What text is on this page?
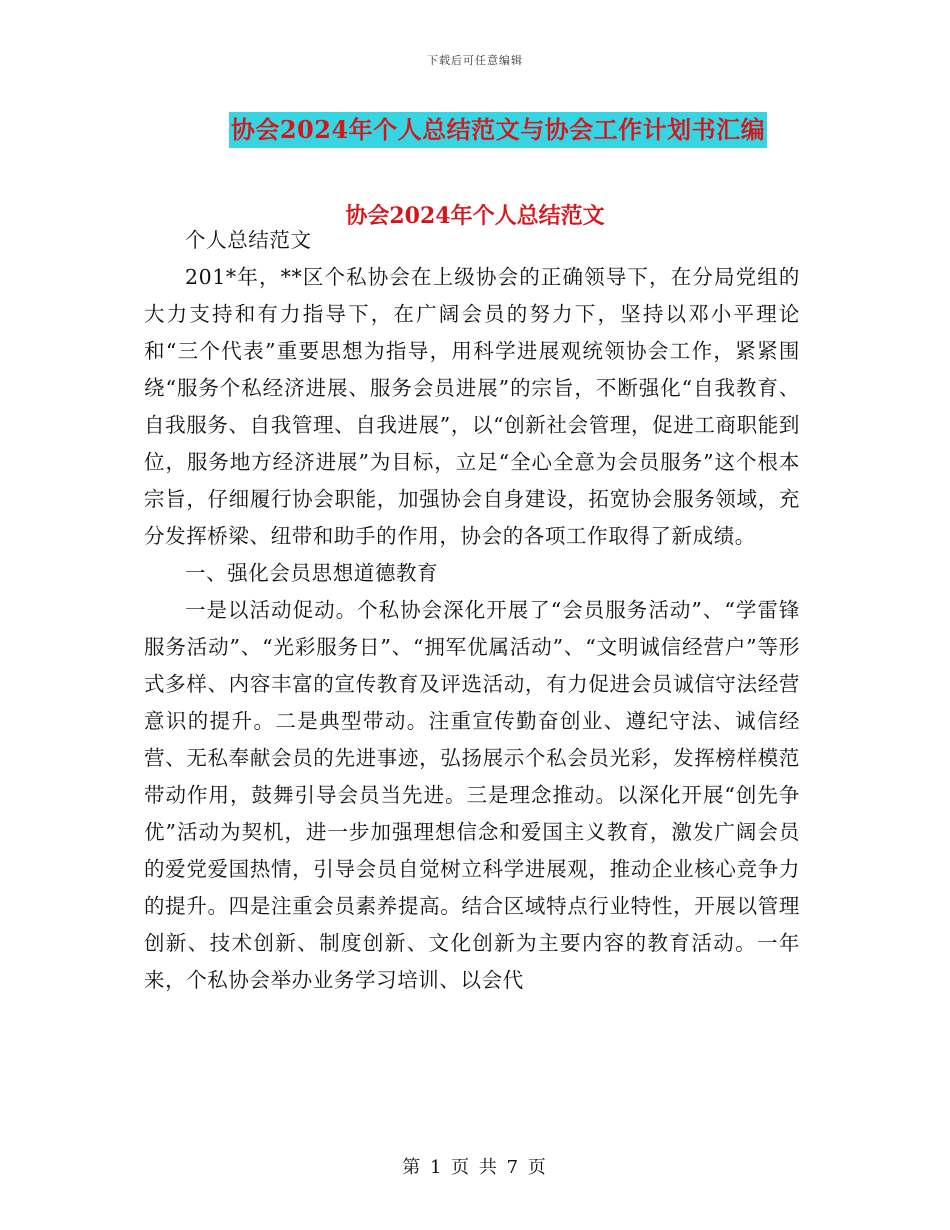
下载后可任意编辑
协会2024年个人总结范文与协会工作计划书汇编
协会2024年个人总结范文

个人总结范文

201*年，**区个私协会在上级协会的正确领导下，在分局党组的大力支持和有力指导下，在广阔会员的努力下，坚持以邓小平理论和“三个代表”重要思想为指导，用科学进展观统领协会工作，紧紧围绕“服务个私经济进展、服务会员进展”的宗旨，不断强化“自我教育、自我服务、自我管理、自我进展”，以“创新社会管理，促进工商职能到位，服务地方经济进展”为目标，立足“全心全意为会员服务”这个根本宗旨，仔细履行协会职能，加强协会自身建设，拓宽协会服务领域，充分发挥桥梁、纽带和助手的作用，协会的各项工作取得了新成绩。

一、强化会员思想道德教育

一是以活动促动。个私协会深化开展了“会员服务活动”、“学雷锋服务活动”、“光彩服务日”、“拥军优属活动”、“文明诚信经营户”等形式多样、内容丰富的宣传教育及评选活动，有力促进会员诚信守法经营意识的提升。二是典型带动。注重宣传勤奋创业、遵纪守法、诚信经营、无私奉献会员的先进事迹，弘扬展示个私会员光彩，发挥榜样模范带动作用，鼓舞引导会员当先进。三是理念推动。以深化开展“创先争优”活动为契机，进一步加强理想信念和爱国主义教育，激发广阔会员的爱党爱国热情，引导会员自觉树立科学进展观，推动企业核心竞争力的提升。四是注重会员素养提高。结合区域特点行业特性，开展以管理创新、技术创新、制度创新、文化创新为主要内容的教育活动。一年来，个私协会举办业务学习培训、以会代

第 1 页 共 7 页
